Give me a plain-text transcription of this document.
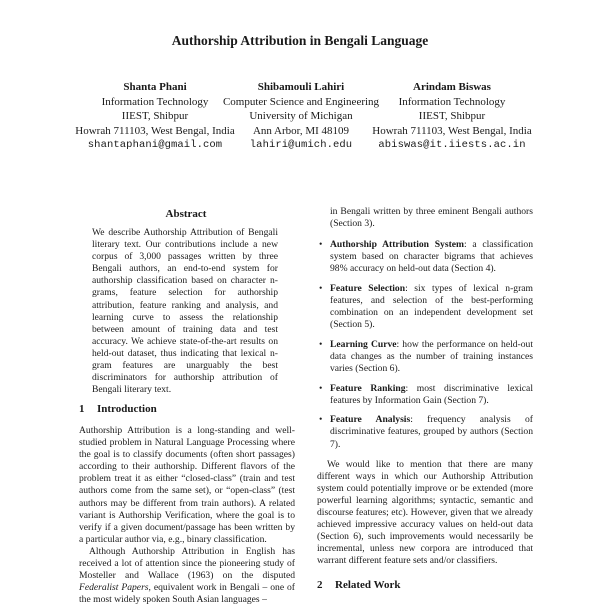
Authorship Attribution in Bengali Language
Shanta Phani
Information Technology
IIEST, Shibpur
Howrah 711103, West Bengal, India
shantaphani@gmail.com
Shibamouli Lahiri
Computer Science and Engineering
University of Michigan
Ann Arbor, MI 48109
lahiri@umich.edu
Arindam Biswas
Information Technology
IIEST, Shibpur
Howrah 711103, West Bengal, India
abiswas@it.iiests.ac.in
Abstract

We describe Authorship Attribution of Bengali literary text. Our contributions include a new corpus of 3,000 passages written by three Bengali authors, an end-to-end system for authorship classification based on character n-grams, feature selection for authorship attribution, feature ranking and analysis, and learning curve to assess the relationship between amount of training data and test accuracy. We achieve state-of-the-art results on held-out dataset, thus indicating that lexical n-gram features are unarguably the best discriminators for authorship attribution of Bengali literary text.

1 Introduction

Authorship Attribution is a long-standing and well-studied problem in Natural Language Processing where the goal is to classify documents (often short passages) according to their authorship. Different flavors of the problem treat it as either “closed-class” (train and test authors come from the same set), or “open-class” (test authors may be different from train authors). A related variant is Authorship Verification, where the goal is to verify if a given document/passage has been written by a particular author via, e.g., binary classification.

Although Authorship Attribution in English has received a lot of attention since the pioneering study of Mosteller and Wallace (1963) on the disputed Federalist Papers, equivalent work in Bengali – one of the most widely spoken South Asian languages –

in Bengali written by three eminent Bengali authors (Section 3).

• Authorship Attribution System: a classification system based on character bigrams that achieves 98% accuracy on held-out data (Section 4).
• Feature Selection: six types of lexical n-gram features, and selection of the best-performing combination on an independent development set (Section 5).
• Learning Curve: how the performance on held-out data changes as the number of training instances varies (Section 6).
• Feature Ranking: most discriminative lexical features by Information Gain (Section 7).
• Feature Analysis: frequency analysis of discriminative features, grouped by authors (Section 7).

We would like to mention that there are many different ways in which our Authorship Attribution system could potentially improve or be extended (more powerful learning algorithms; syntactic, semantic and discourse features; etc). However, given that we already achieved impressive accuracy values on held-out data (Section 6), such improvements would necessarily be incremental, unless new corpora are introduced that warrant different feature sets and/or classifiers.

2 Related Work
